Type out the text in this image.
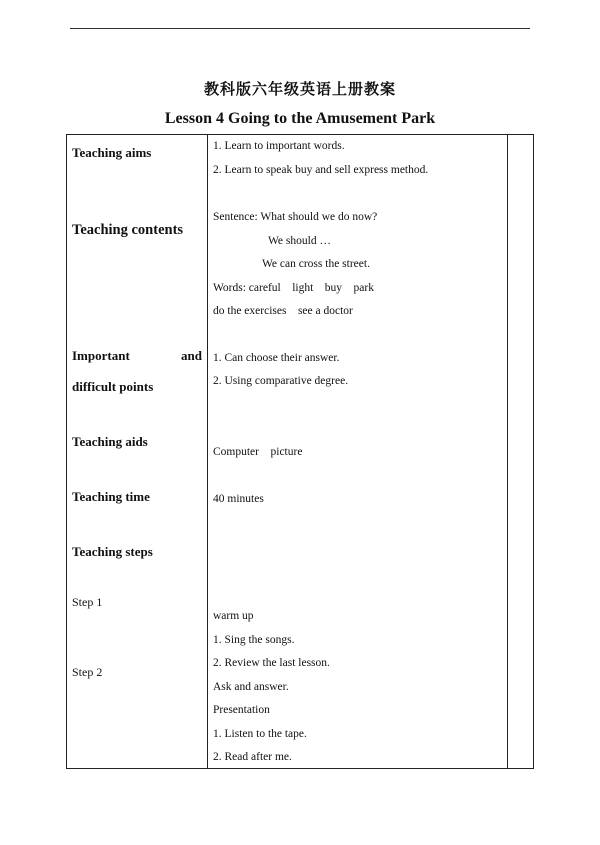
教科版六年级英语上册教案
Lesson 4 Going to the Amusement Park
Teaching aims
Teaching contents
Important	and
difficult points
Teaching aids
Teaching time
Teaching steps
Step 1
Step 2
1. Learn to important words.
2. Learn to speak buy and sell express method.
Sentence: What should we do now?
We should …
We can cross the street.
Words: careful    light    buy    park
do the exercises    see a doctor
1. Can choose their answer.
2. Using comparative degree.
Computer    picture
40 minutes
warm up
1. Sing the songs.
2. Review the last lesson.
Ask and answer.
Presentation
1. Listen to the tape.
2. Read after me.
